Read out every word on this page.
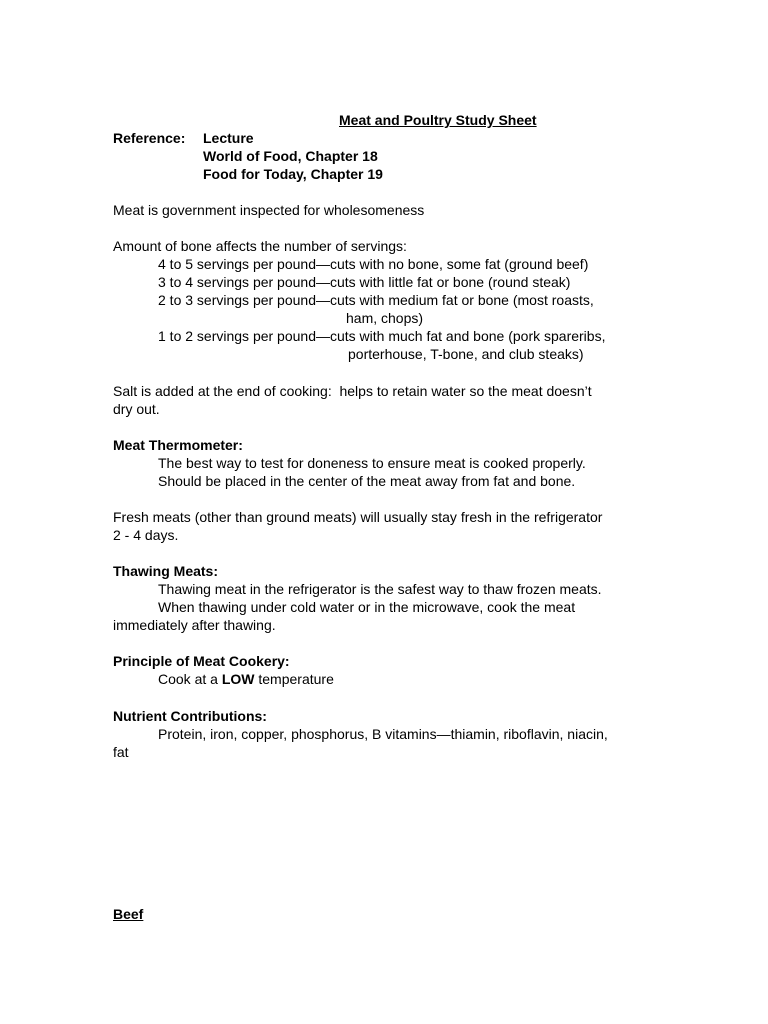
Meat and Poultry Study Sheet
Reference: Lecture
World of Food, Chapter 18
Food for Today, Chapter 19
Meat is government inspected for wholesomeness
Amount of bone affects the number of servings:
4 to 5 servings per pound—cuts with no bone, some fat (ground beef)
3 to 4 servings per pound—cuts with little fat or bone (round steak)
2 to 3 servings per pound—cuts with medium fat or bone (most roasts,
ham, chops)
1 to 2 servings per pound—cuts with much fat and bone (pork spareribs,
porterhouse, T-bone, and club steaks)
Salt is added at the end of cooking:  helps to retain water so the meat doesn’t
dry out.
Meat Thermometer:
The best way to test for doneness to ensure meat is cooked properly.
Should be placed in the center of the meat away from fat and bone.
Fresh meats (other than ground meats) will usually stay fresh in the refrigerator
2 - 4 days.
Thawing Meats:
Thawing meat in the refrigerator is the safest way to thaw frozen meats.
When thawing under cold water or in the microwave, cook the meat
immediately after thawing.
Principle of Meat Cookery:
Cook at a LOW temperature
Nutrient Contributions:
Protein, iron, copper, phosphorus, B vitamins—thiamin, riboflavin, niacin,
fat
Beef
